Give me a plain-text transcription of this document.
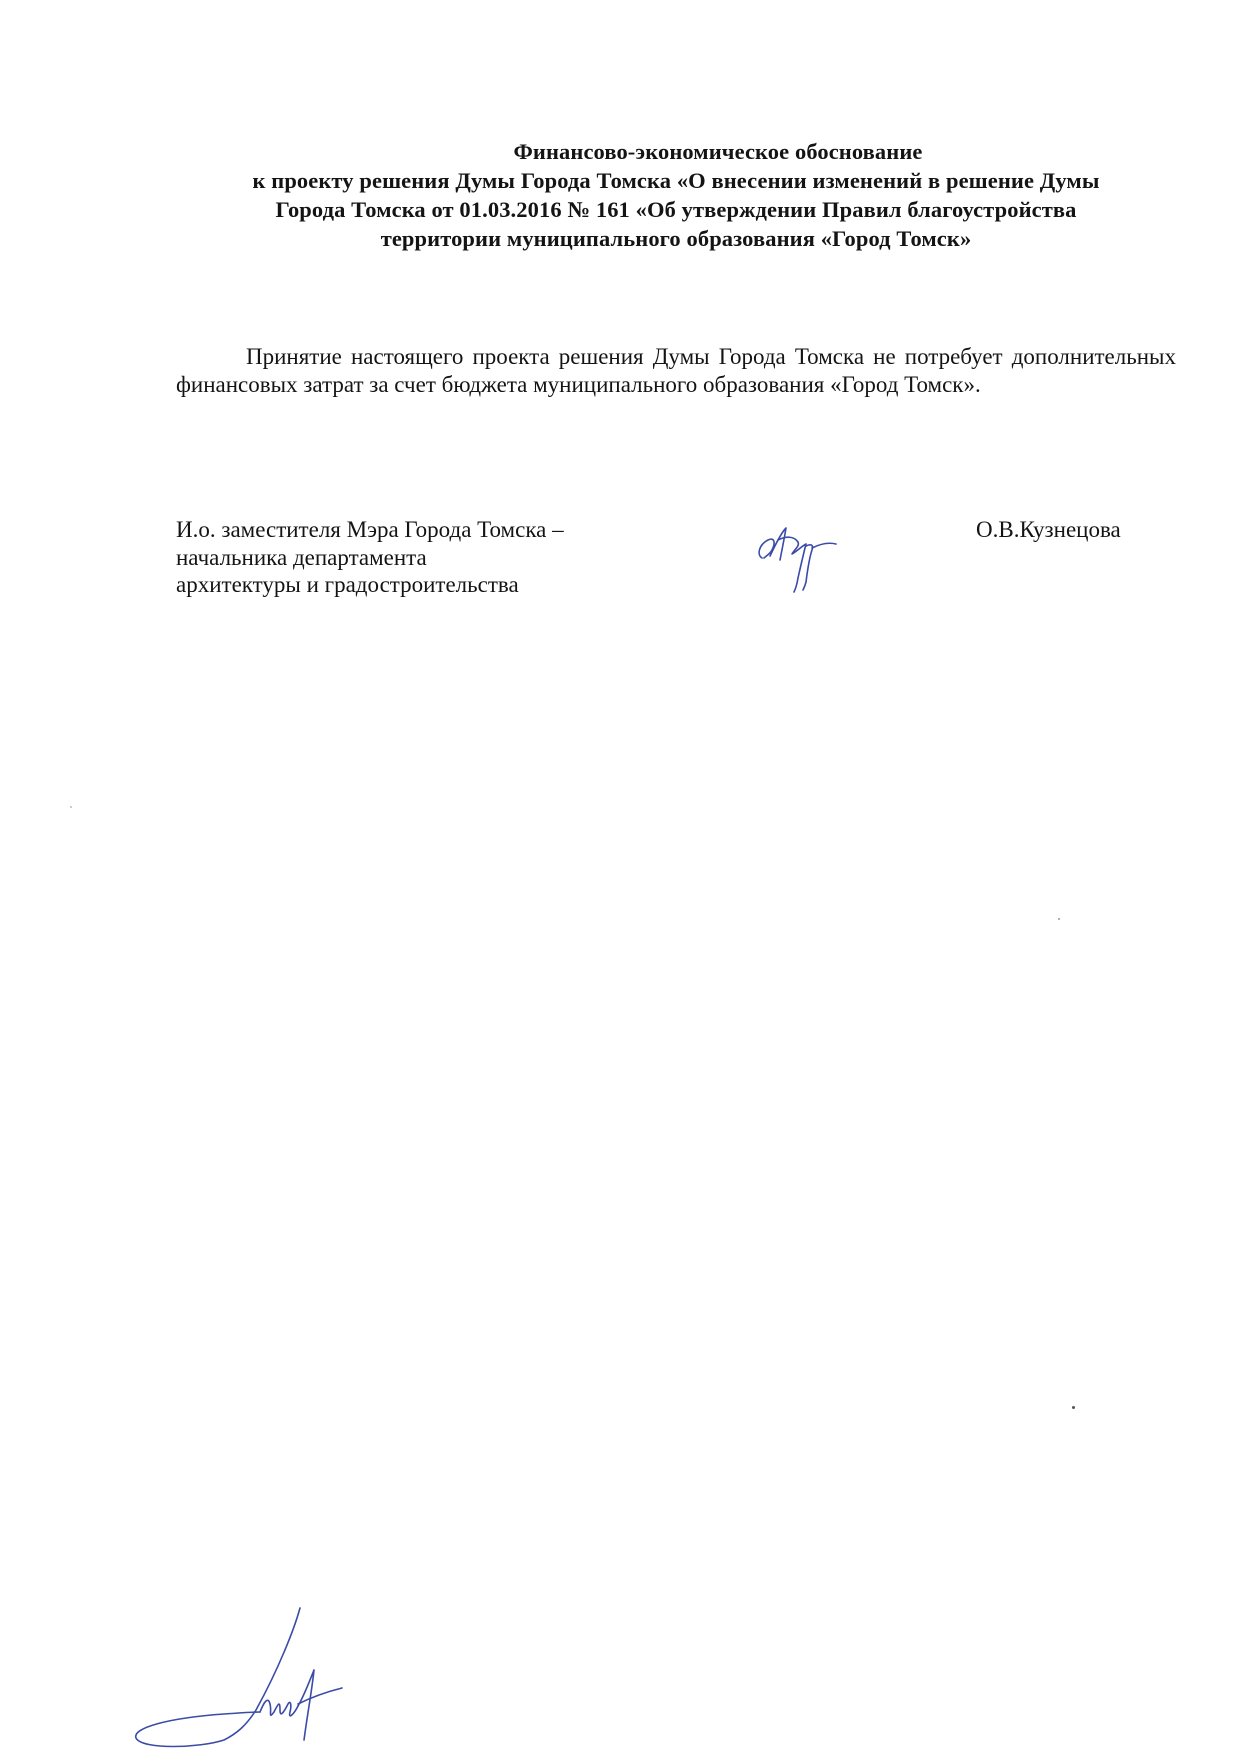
Финансово-экономическое обоснование
к проекту решения Думы Города Томска «О внесении изменений в решение Думы
Города Томска от 01.03.2016 № 161 «Об утверждении Правил благоустройства
территории муниципального образования «Город Томск»

Принятие настоящего проекта решения Думы Города Томска не потребует дополнительных финансовых затрат за счет бюджета муниципального образования «Город Томск».

И.о. заместителя Мэра Города Томска –
начальника департамента
архитектуры и градостроительства
О.В.Кузнецова
